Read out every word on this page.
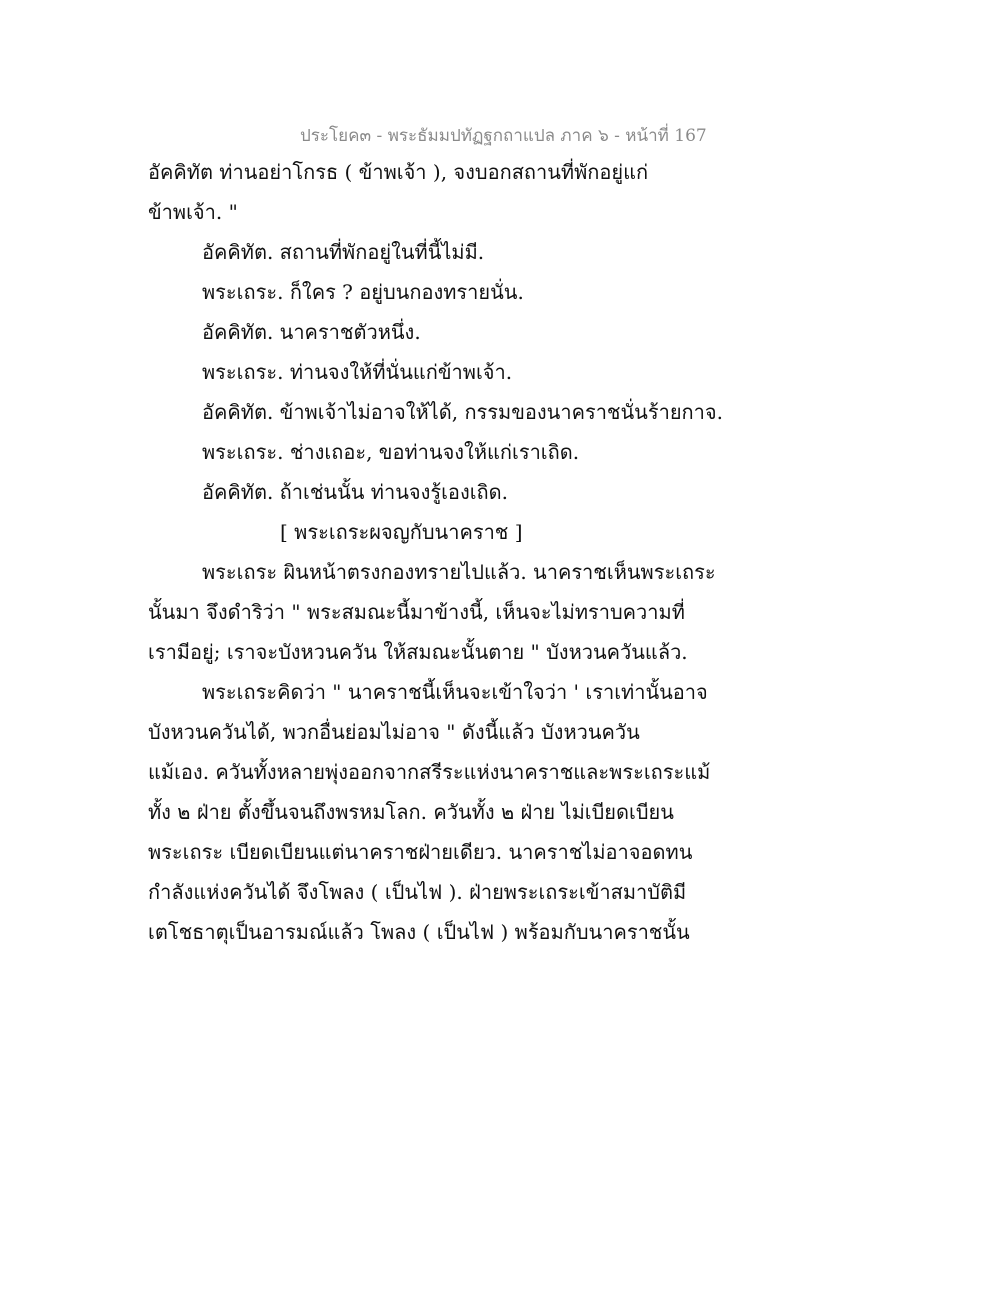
ประโยค๓ - พระธัมมปทัฏฐกถาแปล ภาค ๖ - หน้าที่ 167
อัคคิทัต ท่านอย่าโกรธ ( ข้าพเจ้า ), จงบอกสถานที่พักอยู่แก่
ข้าพเจ้า. "
อัคคิทัต. สถานที่พักอยู่ในที่นี้ไม่มี.
พระเถระ. ก็ใคร ? อยู่บนกองทรายนั่น.
อัคคิทัต. นาคราชตัวหนึ่ง.
พระเถระ. ท่านจงให้ที่นั่นแก่ข้าพเจ้า.
อัคคิทัต. ข้าพเจ้าไม่อาจให้ได้, กรรมของนาคราชนั่นร้ายกาจ.
พระเถระ. ช่างเถอะ, ขอท่านจงให้แก่เราเถิด.
อัคคิทัต. ถ้าเช่นนั้น ท่านจงรู้เองเถิด.
[ พระเถระผจญกับนาคราช ]
พระเถระ ผินหน้าตรงกองทรายไปแล้ว. นาคราชเห็นพระเถระ
นั้นมา จึงดำริว่า " พระสมณะนี้มาข้างนี้, เห็นจะไม่ทราบความที่
เรามีอยู่; เราจะบังหวนควัน ให้สมณะนั้นตาย " บังหวนควันแล้ว.
พระเถระคิดว่า " นาคราชนี้เห็นจะเข้าใจว่า ' เราเท่านั้นอาจ
บังหวนควันได้, พวกอื่นย่อมไม่อาจ " ดังนี้แล้ว บังหวนควัน
แม้เอง. ควันทั้งหลายพุ่งออกจากสรีระแห่งนาคราชและพระเถระแม้
ทั้ง ๒ ฝ่าย ตั้งขึ้นจนถึงพรหมโลก. ควันทั้ง ๒ ฝ่าย ไม่เบียดเบียน
พระเถระ เบียดเบียนแต่นาคราชฝ่ายเดียว. นาคราชไม่อาจอดทน
กำลังแห่งควันได้ จึงโพลง ( เป็นไฟ ). ฝ่ายพระเถระเข้าสมาบัติมี
เตโชธาตุเป็นอารมณ์แล้ว โพลง ( เป็นไฟ ) พร้อมกับนาคราชนั้น
